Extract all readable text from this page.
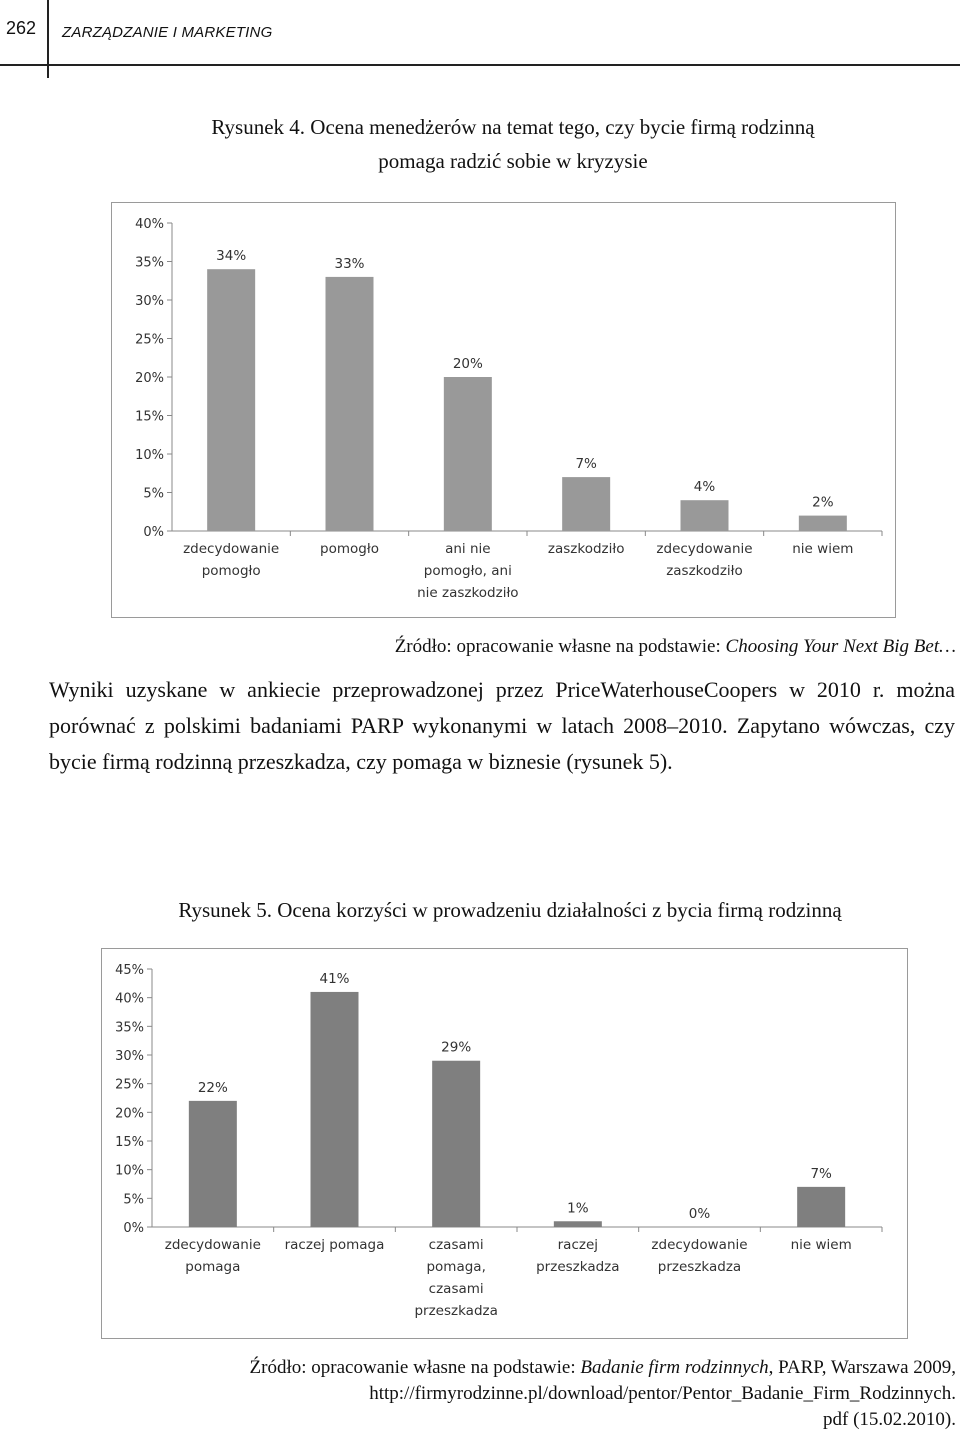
262 ZARZĄDZANIE I MARKETING
Rysunek 4. Ocena menedżerów na temat tego, czy bycie firmą rodzinną
pomaga radzić sobie w kryzysie
0%
5%
10%
15%
20%
25%
30%
35%
40%
34%
zdecydowanie
pomogło
33%
pomogło
20%
ani nie
pomogło, ani
nie zaszkodziło
7%
zaszkodziło
4%
zdecydowanie
zaszkodziło
2%
nie wiem
Źródło: opracowanie własne na podstawie: Choosing Your Next Big Bet…
Wyniki uzyskane w ankiecie przeprowadzonej przez PriceWaterhouseCoopers w 2010 r. można porównać z polskimi badaniami PARP wykonanymi w latach 2008–2010. Zapytano wówczas, czy bycie firmą rodzinną przeszkadza, czy pomaga w biznesie (rysunek 5).
Rysunek 5. Ocena korzyści w prowadzeniu działalności z bycia firmą rodzinną
0%
5%
10%
15%
20%
25%
30%
35%
40%
45%
22%
zdecydowanie
pomaga
41%
raczej pomaga
29%
czasami
pomaga,
czasami
przeszkadza
1%
raczej
przeszkadza
0%
zdecydowanie
przeszkadza
7%
nie wiem
Źródło: opracowanie własne na podstawie: Badanie firm rodzinnych, PARP, Warszawa 2009,
http://firmyrodzinne.pl/download/pentor/Pentor_Badanie_Firm_Rodzinnych.
pdf (15.02.2010).
